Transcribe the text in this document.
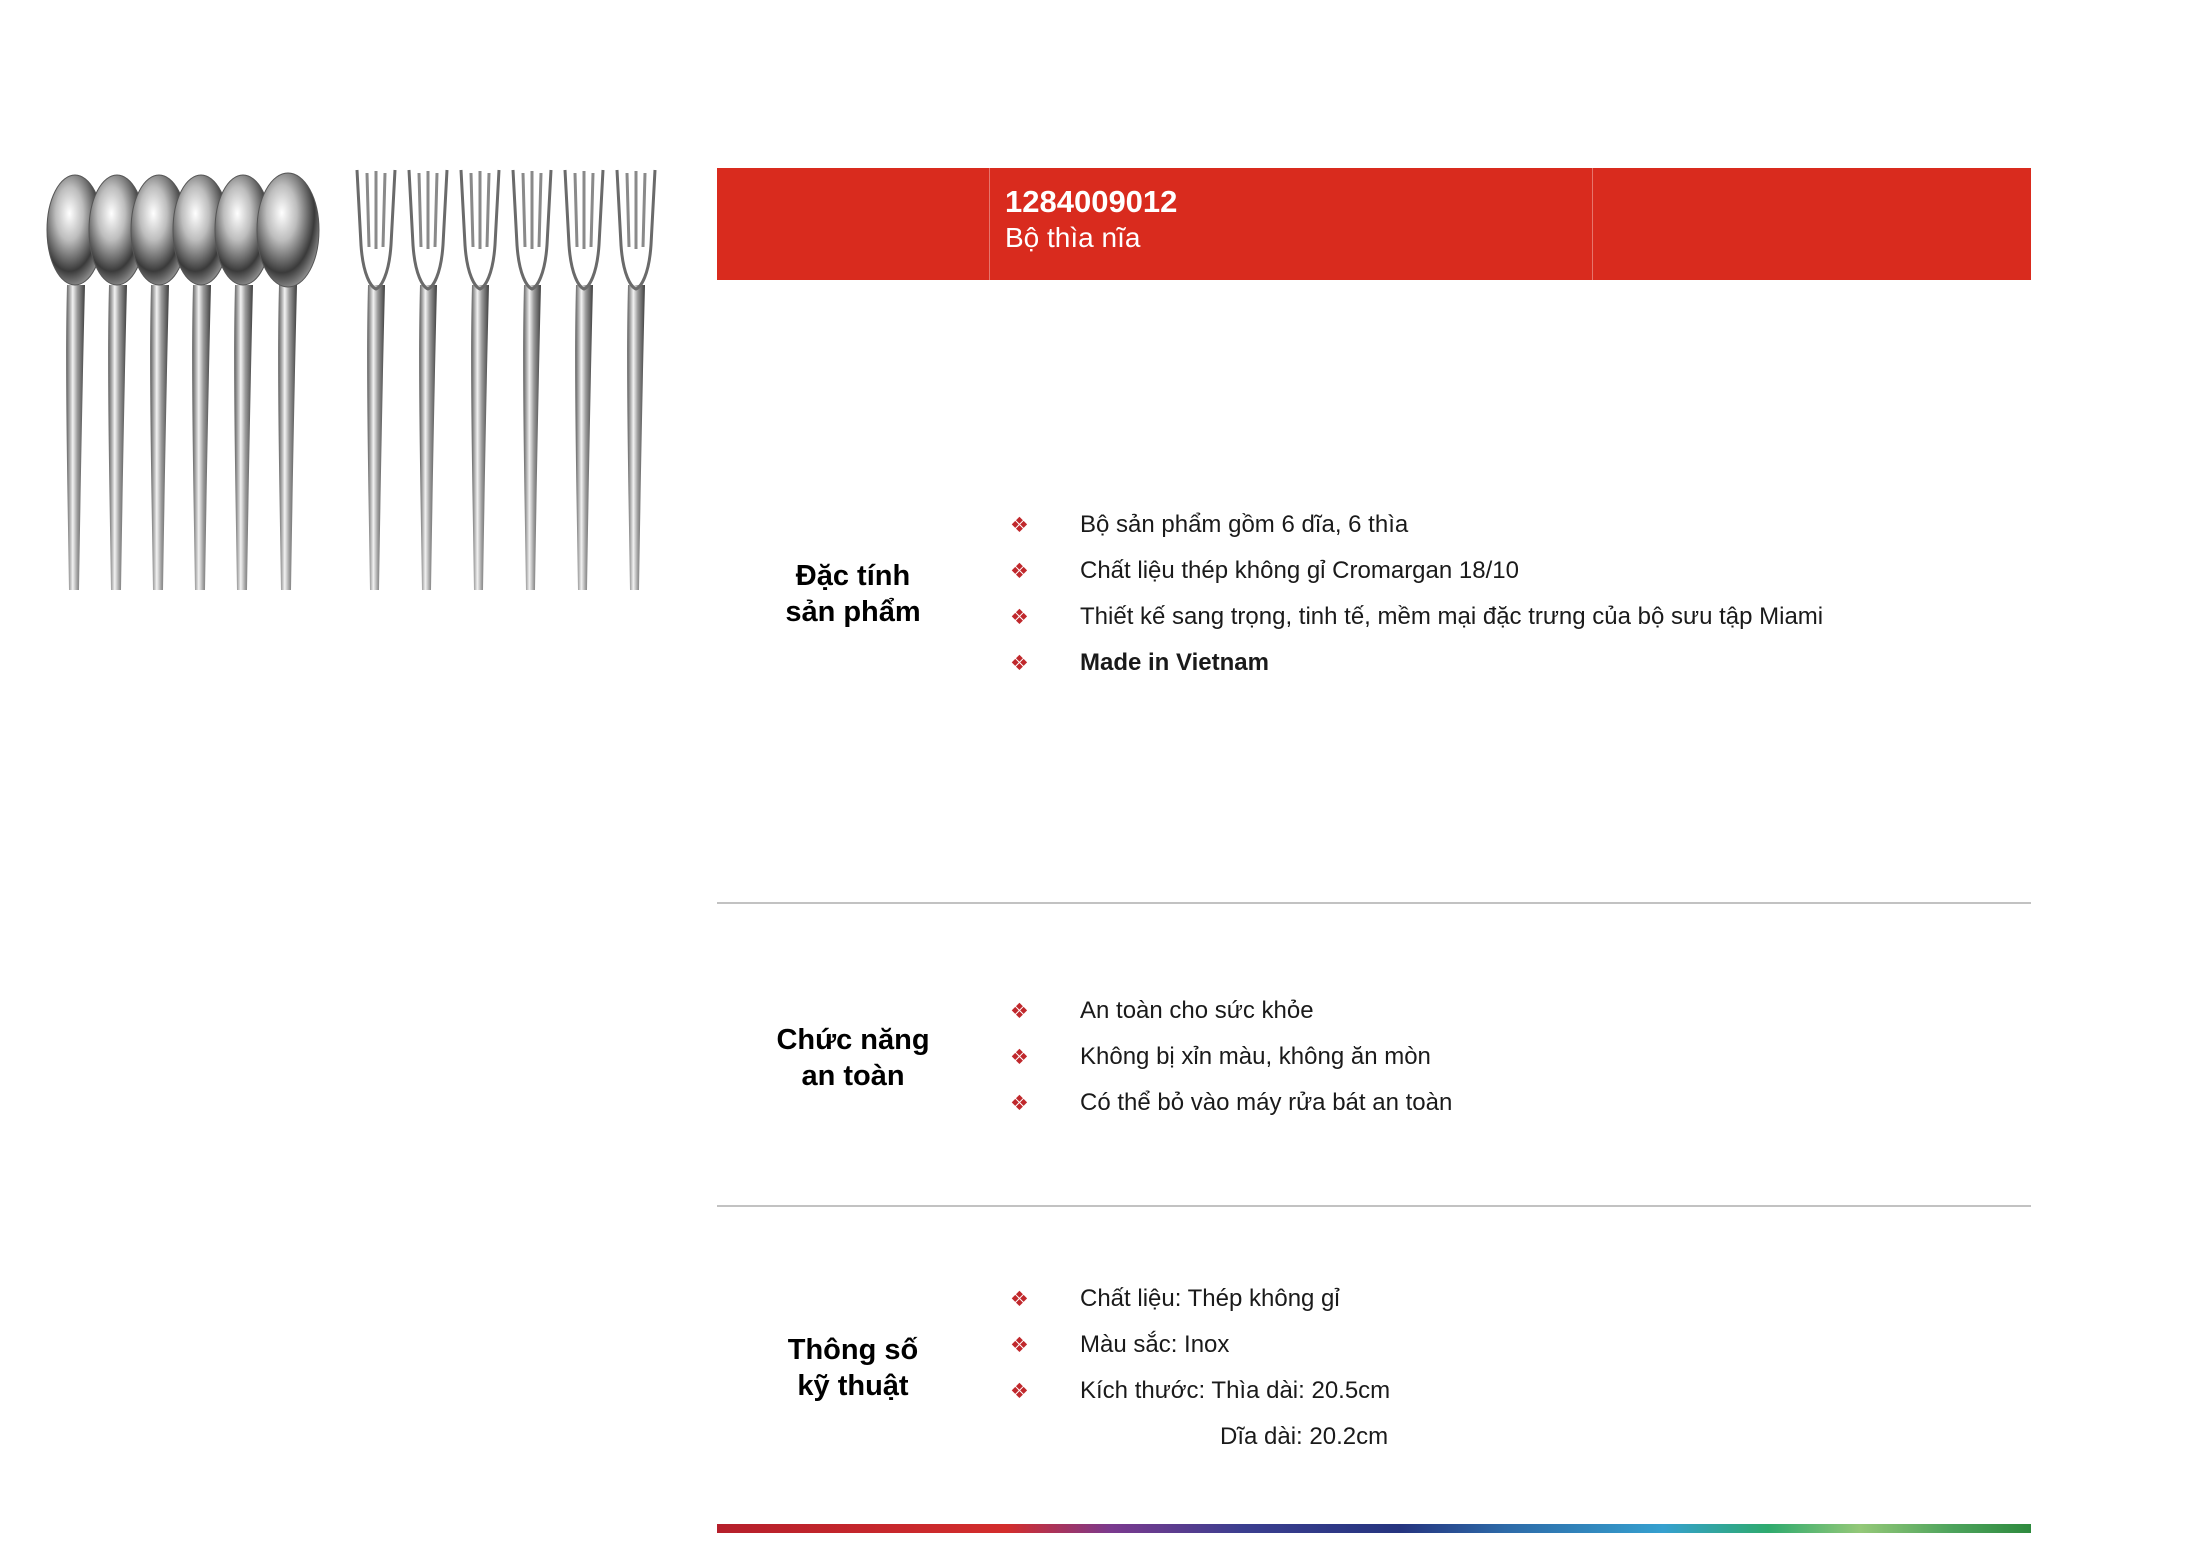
1284009012
Bộ thìa nĩa
Đặc tính
sản phẩm
❖	Bộ sản phẩm gồm 6 dĩa, 6 thìa
❖	Chất liệu thép không gỉ Cromargan 18/10
❖	Thiết kế sang trọng, tinh tế, mềm mại đặc trưng của bộ sưu tập Miami
❖	Made in Vietnam
Chức năng
an toàn
❖	An toàn cho sức khỏe
❖	Không bị xỉn màu, không ăn mòn
❖	Có thể bỏ vào máy rửa bát an toàn
Thông số
kỹ thuật
❖	Chất liệu: Thép không gỉ
❖	Màu sắc: Inox
❖	Kích thước: Thìa dài: 20.5cm
Dĩa dài: 20.2cm
